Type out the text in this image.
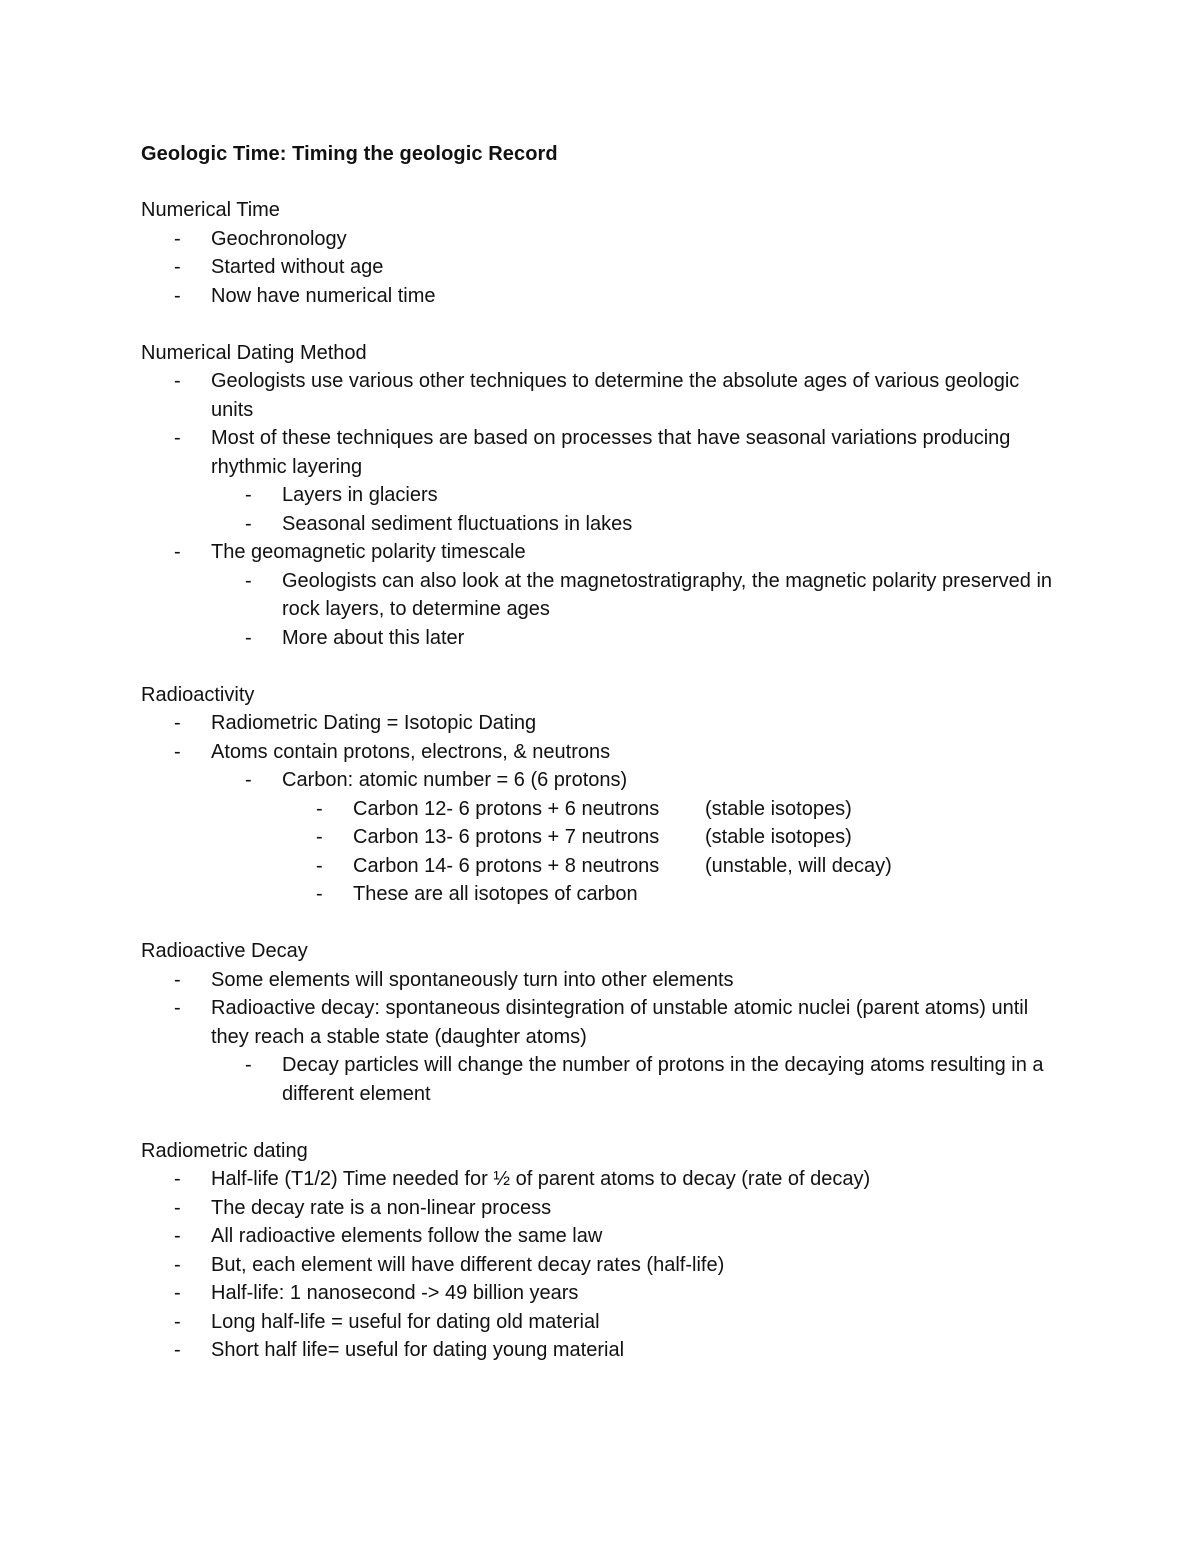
Geologic Time: Timing the geologic Record
Numerical Time
- Geochronology
- Started without age
- Now have numerical time
Numerical Dating Method
- Geologists use various other techniques to determine the absolute ages of various geologic units
- Most of these techniques are based on processes that have seasonal variations producing rhythmic layering
- Layers in glaciers
- Seasonal sediment fluctuations in lakes
- The geomagnetic polarity timescale
- Geologists can also look at the magnetostratigraphy, the magnetic polarity preserved in rock layers, to determine ages
- More about this later
Radioactivity
- Radiometric Dating = Isotopic Dating
- Atoms contain protons, electrons, & neutrons
- Carbon: atomic number = 6 (6 protons)
- Carbon 12- 6 protons + 6 neutrons (stable isotopes)
- Carbon 13- 6 protons + 7 neutrons (stable isotopes)
- Carbon 14- 6 protons + 8 neutrons (unstable, will decay)
- These are all isotopes of carbon
Radioactive Decay
- Some elements will spontaneously turn into other elements
- Radioactive decay: spontaneous disintegration of unstable atomic nuclei (parent atoms) until they reach a stable state (daughter atoms)
- Decay particles will change the number of protons in the decaying atoms resulting in a different element
Radiometric dating
- Half-life (T1/2) Time needed for ½ of parent atoms to decay (rate of decay)
- The decay rate is a non-linear process
- All radioactive elements follow the same law
- But, each element will have different decay rates (half-life)
- Half-life: 1 nanosecond -> 49 billion years
- Long half-life = useful for dating old material
- Short half life= useful for dating young material
